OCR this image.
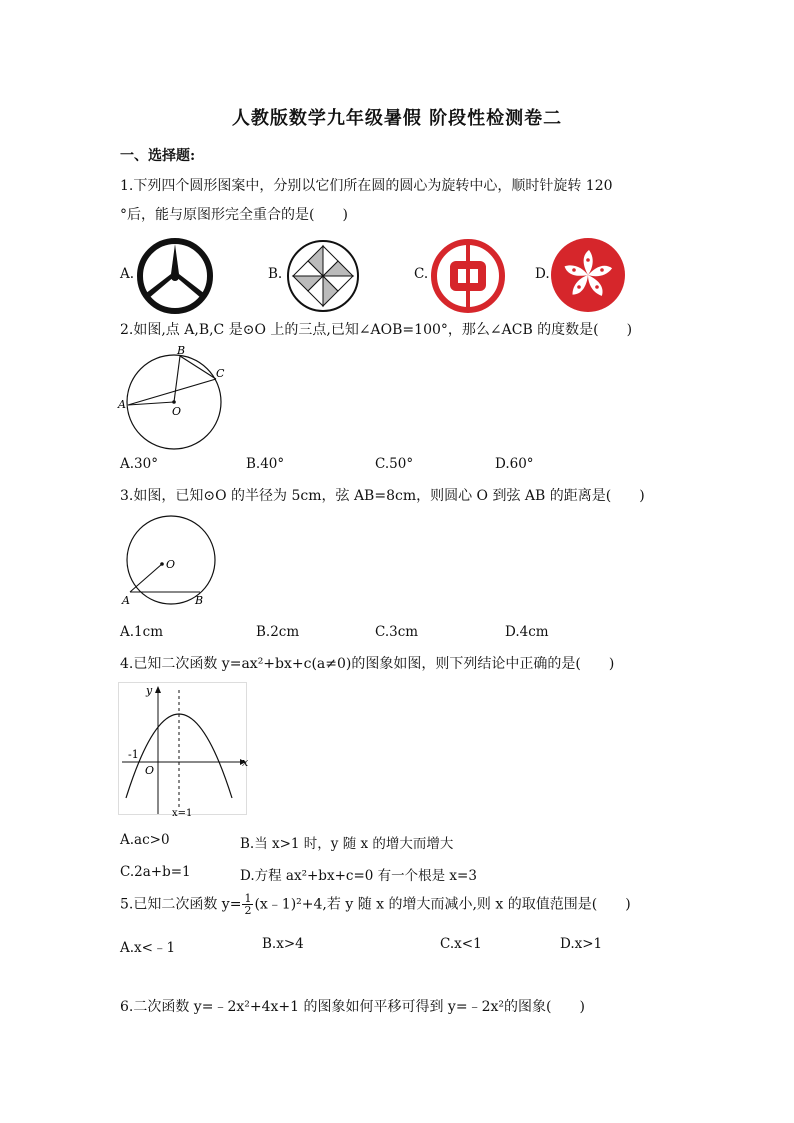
人教版数学九年级暑假 阶段性检测卷二
一、选择题:
1.下列四个圆形图案中，分别以它们所在圆的圆心为旋转中心，顺时针旋转 120
°后，能与原图形完全重合的是(　　)
A.	B.	C.	D.
2.如图,点 A,B,C 是⊙O 上的三点,已知∠AOB=100°，那么∠ACB 的度数是(　　)
A
B
C
O
A.30°	B.40°	C.50°	D.60°
3.如图，已知⊙O 的半径为 5cm，弦 AB=8cm，则圆心 O 到弦 AB 的距离是(　　)
O
A	B
A.1cm	B.2cm	C.3cm	D.4cm
4.已知二次函数 y=ax²+bx+c(a≠0)的图象如图，则下列结论中正确的是(　　)
y
x
O
-1
x=1
A.ac>0	B.当 x>1 时，y 随 x 的增大而增大
C.2a+b=1	D.方程 ax²+bx+c=0 有一个根是 x=3
5.已知二次函数 $y= \frac{1}{2}$ (x﹣1)²+4,若 y 随 x 的增大而减小,则 x 的取值范围是(　　)
A.x<﹣1	B.x>4	C.x<1	D.x>1
6.二次函数 y=﹣2x²+4x+1 的图象如何平移可得到 y=﹣2x²的图象(　　)
